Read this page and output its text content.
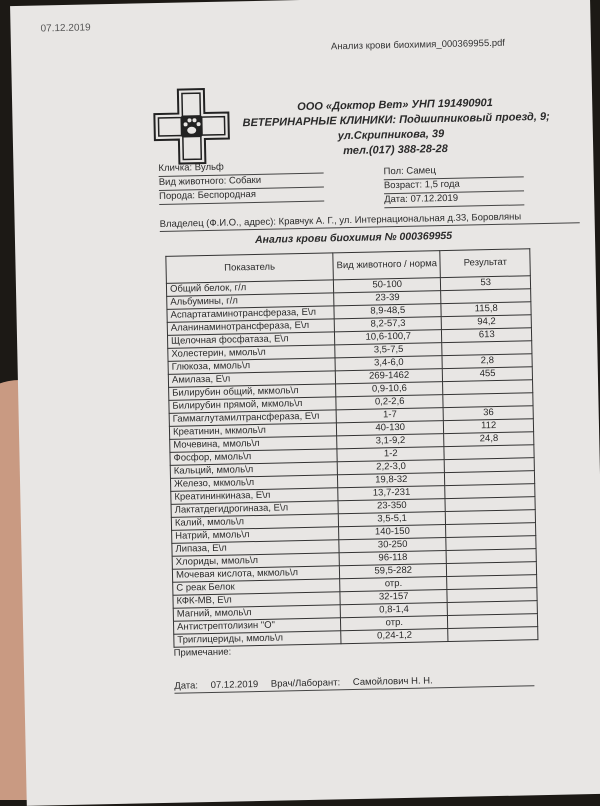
07.12.2019
Анализ крови биохимия_000369955.pdf
ООО «Доктор Вет» УНП 191490901
ВЕТЕРИНАРНЫЕ КЛИНИКИ: Подшипниковый проезд, 9;
ул.Скрипникова, 39
тел.(017) 388-28-28
Кличка: Вульф
Вид животного: Собаки
Порода: Беспородная
Пол: Самец
Возраст: 1,5 года
Дата: 07.12.2019
Владелец (Ф.И.О., адрес): Кравчук А. Г., ул. Интернациональная д.33, Боровляны
Анализ крови биохимия № 000369955
Показатель	Вид животного / норма	Результат
Общий белок, г/л	50-100	53
Альбумины, г/л	23-39	
Аспартатаминотрансфераза, Е\л	8,9-48,5	115,8
Аланинаминотрансфераза, Е\л	8,2-57,3	94,2
Щелочная фосфатаза, Е\л	10,6-100,7	613
Холестерин, ммоль\л	3,5-7,5	
Глюкоза, ммоль\л	3,4-6,0	2,8
Амилаза, Е\л	269-1462	455
Билирубин общий, мкмоль\л	0,9-10,6	
Билирубин прямой, мкмоль\л	0,2-2,6	
Гаммаглутамилтрансфераза, Е\л	1-7	36
Креатинин, мкмоль\л	40-130	112
Мочевина, ммоль\л	3,1-9,2	24,8
Фосфор, ммоль\л	1-2	
Кальций, ммоль\л	2,2-3,0	
Железо, мкмоль\л	19,8-32	
Креатининкиназа, Е\л	13,7-231	
Лактатдегидрогиназа, Е\л	23-350	
Калий, ммоль\л	3,5-5,1	
Натрий, ммоль\л	140-150	
Липаза, Е\л	30-250	
Хлориды, ммоль\л	96-118	
Мочевая кислота, мкмоль\л	59,5-282	
С реак Белок	отр.	
КФК-МВ, Е\л	32-157	
Магний, ммоль\л	0,8-1,4	
Антистрептолизин "О"	отр.	
Триглицериды, ммоль\л	0,24-1,2	
Примечание:
Дата: 07.12.2019 Врач/Лаборант: Самойлович Н. Н.
